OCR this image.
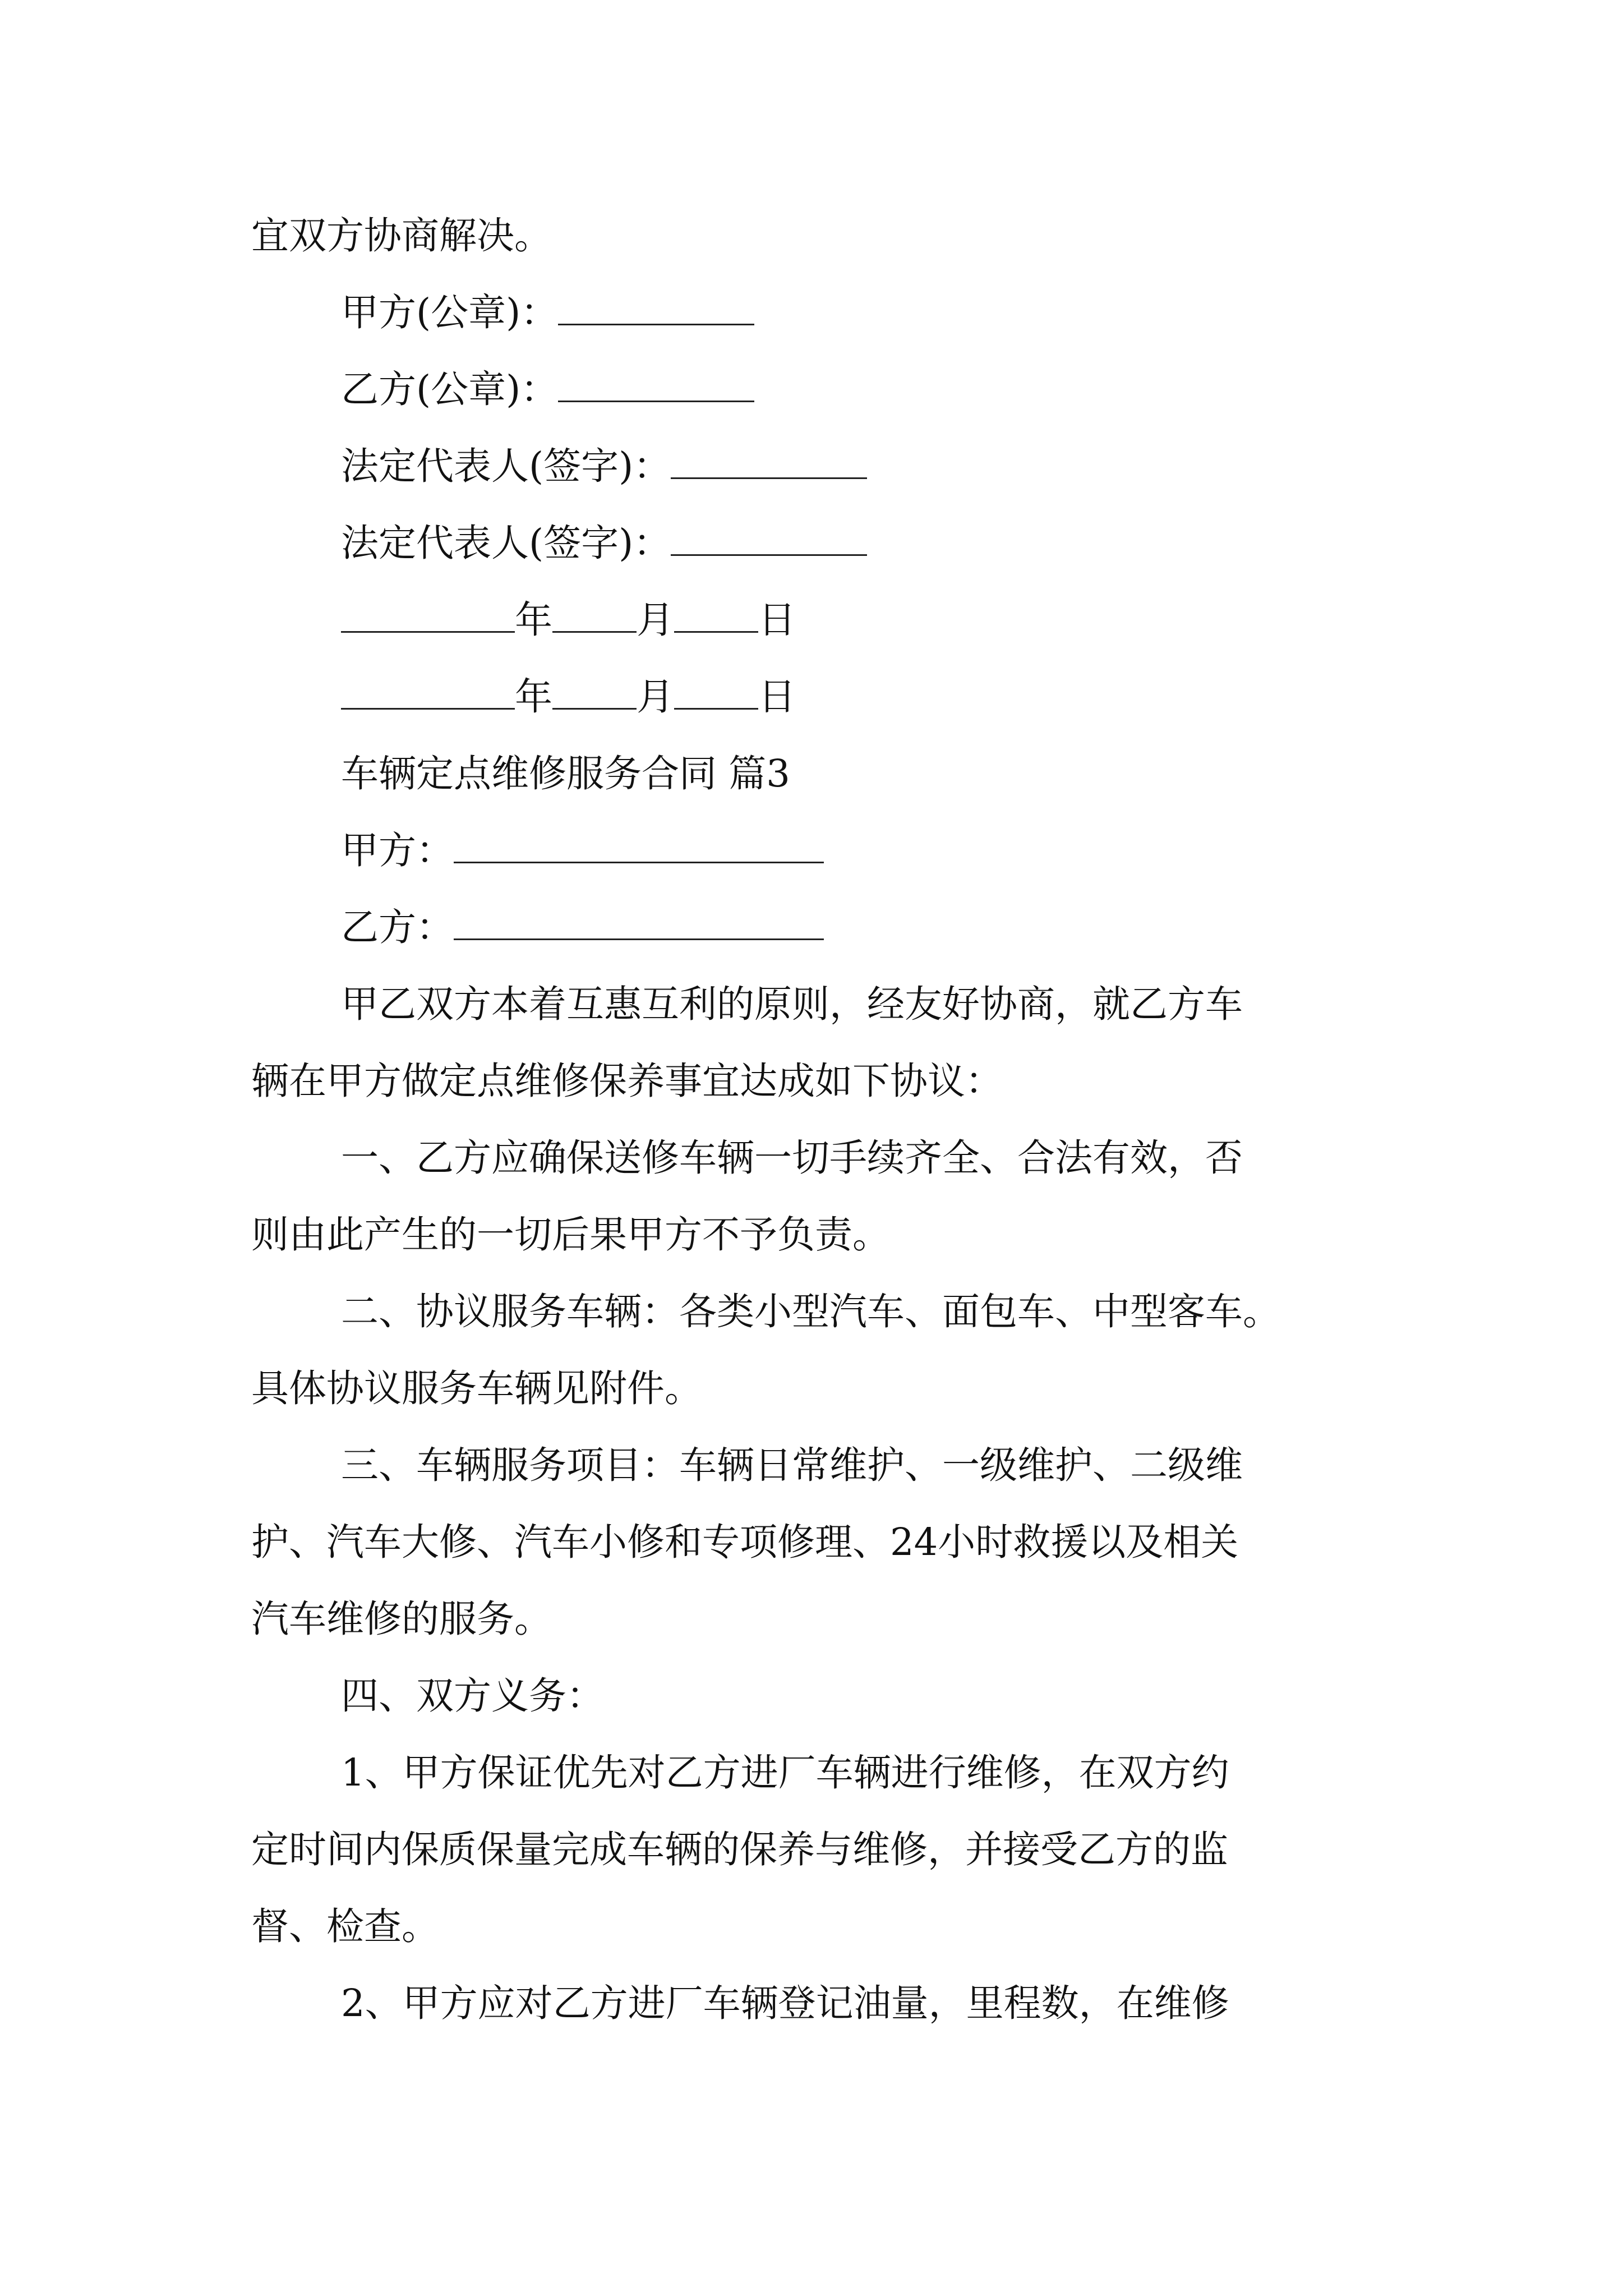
宜双方协商解决。
甲方(公章)：
乙方(公章)：
法定代表人(签字)：
法定代表人(签字)：
年 月 日
年 月 日
车辆定点维修服务合同 篇3
甲方：
乙方：
甲乙双方本着互惠互利的原则，经友好协商，就乙方车
辆在甲方做定点维修保养事宜达成如下协议：
一、乙方应确保送修车辆一切手续齐全、合法有效，否
则由此产生的一切后果甲方不予负责。
二、协议服务车辆：各类小型汽车、面包车、中型客车。
具体协议服务车辆见附件。
三、车辆服务项目：车辆日常维护、一级维护、二级维
护、汽车大修、汽车小修和专项修理、24小时救援以及相关
汽车维修的服务。
四、双方义务：
1、甲方保证优先对乙方进厂车辆进行维修，在双方约
定时间内保质保量完成车辆的保养与维修，并接受乙方的监
督、检查。
2、甲方应对乙方进厂车辆登记油量，里程数，在维修
